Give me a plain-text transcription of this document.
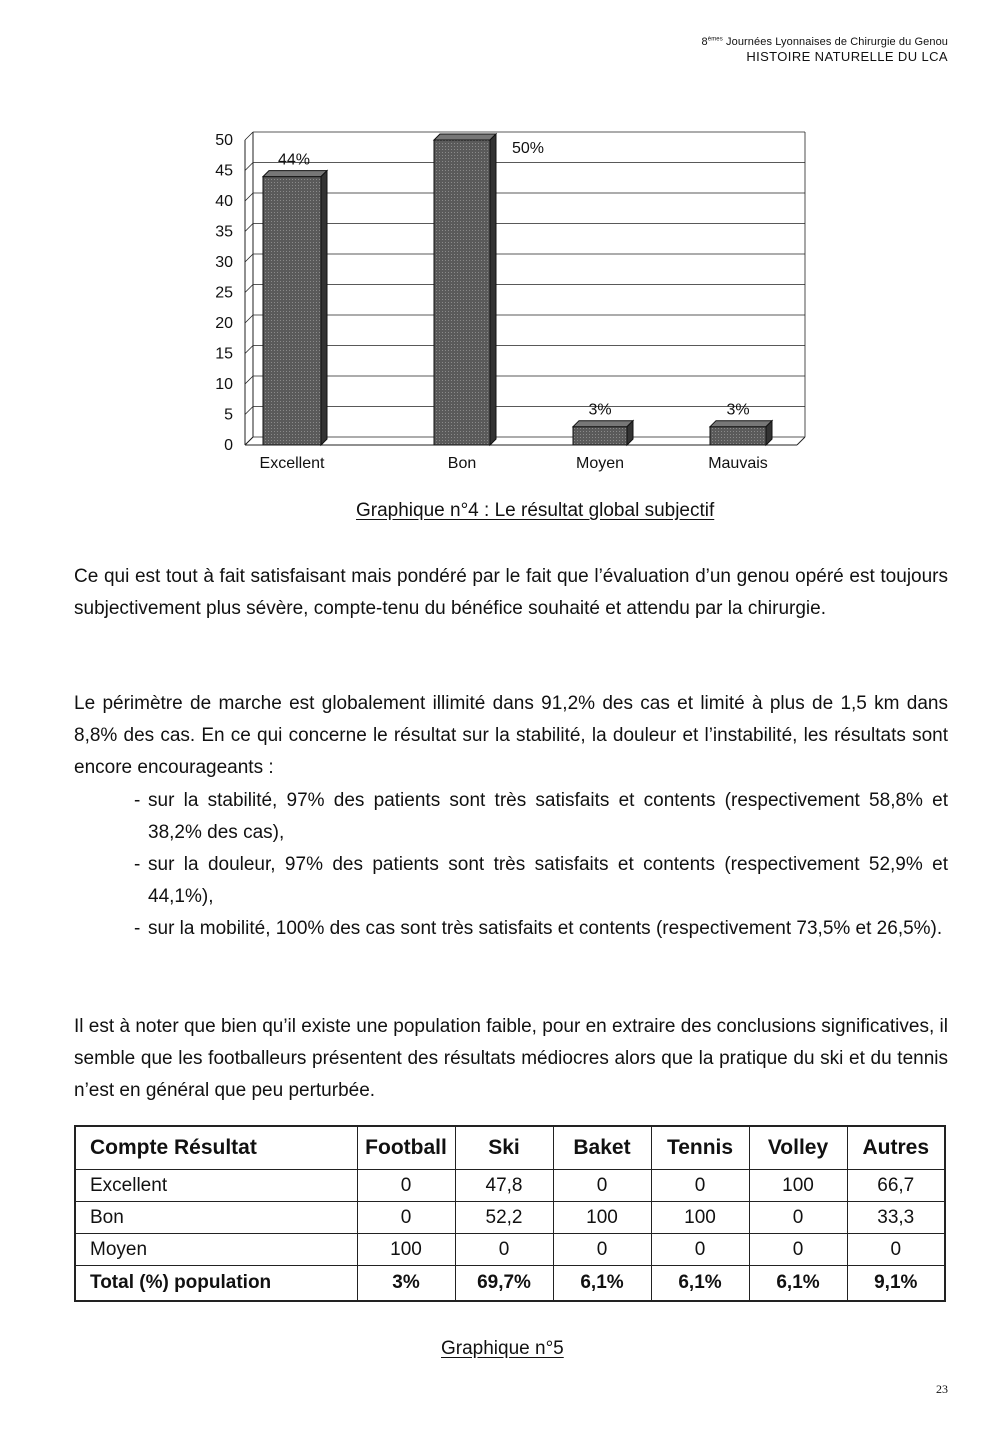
8èmes Journées Lyonnaises de Chirurgie du Genou
HISTOIRE NATURELLE DU LCA
0
5
10
15
20
25
30
35
40
45
50
Excellent
44%
Bon
50%
Moyen
3%
Mauvais
3%
Graphique n°4 : Le résultat global subjectif
Ce qui est tout à fait satisfaisant mais pondéré par le fait que l’évaluation d’un genou opéré est toujours subjectivement plus sévère, compte-tenu du bénéfice souhaité et attendu par la chirurgie.
Le périmètre de marche est globalement illimité dans 91,2% des cas et limité à plus de 1,5 km dans 8,8% des cas. En ce qui concerne le résultat sur la stabilité, la douleur et l’instabilité, les résultats sont encore encourageants :
- sur la stabilité, 97% des patients sont très satisfaits et contents (respectivement 58,8% et 38,2% des cas),
- sur la douleur, 97% des patients sont très satisfaits et contents (respectivement 52,9% et 44,1%),
- sur la mobilité, 100% des cas sont très satisfaits et contents (respectivement 73,5% et 26,5%).
Il est à noter que bien qu’il existe une population faible, pour en extraire des conclusions significatives, il semble que les footballeurs présentent des résultats médiocres alors que la pratique du ski et du tennis n’est en général que peu perturbée.
Compte Résultat	Football	Ski	Baket	Tennis	Volley	Autres
Excellent	0	47,8	0	0	100	66,7
Bon	0	52,2	100	100	0	33,3
Moyen	100	0	0	0	0	0
Total (%) population	3%	69,7%	6,1%	6,1%	6,1%	9,1%
Graphique n°5
23
